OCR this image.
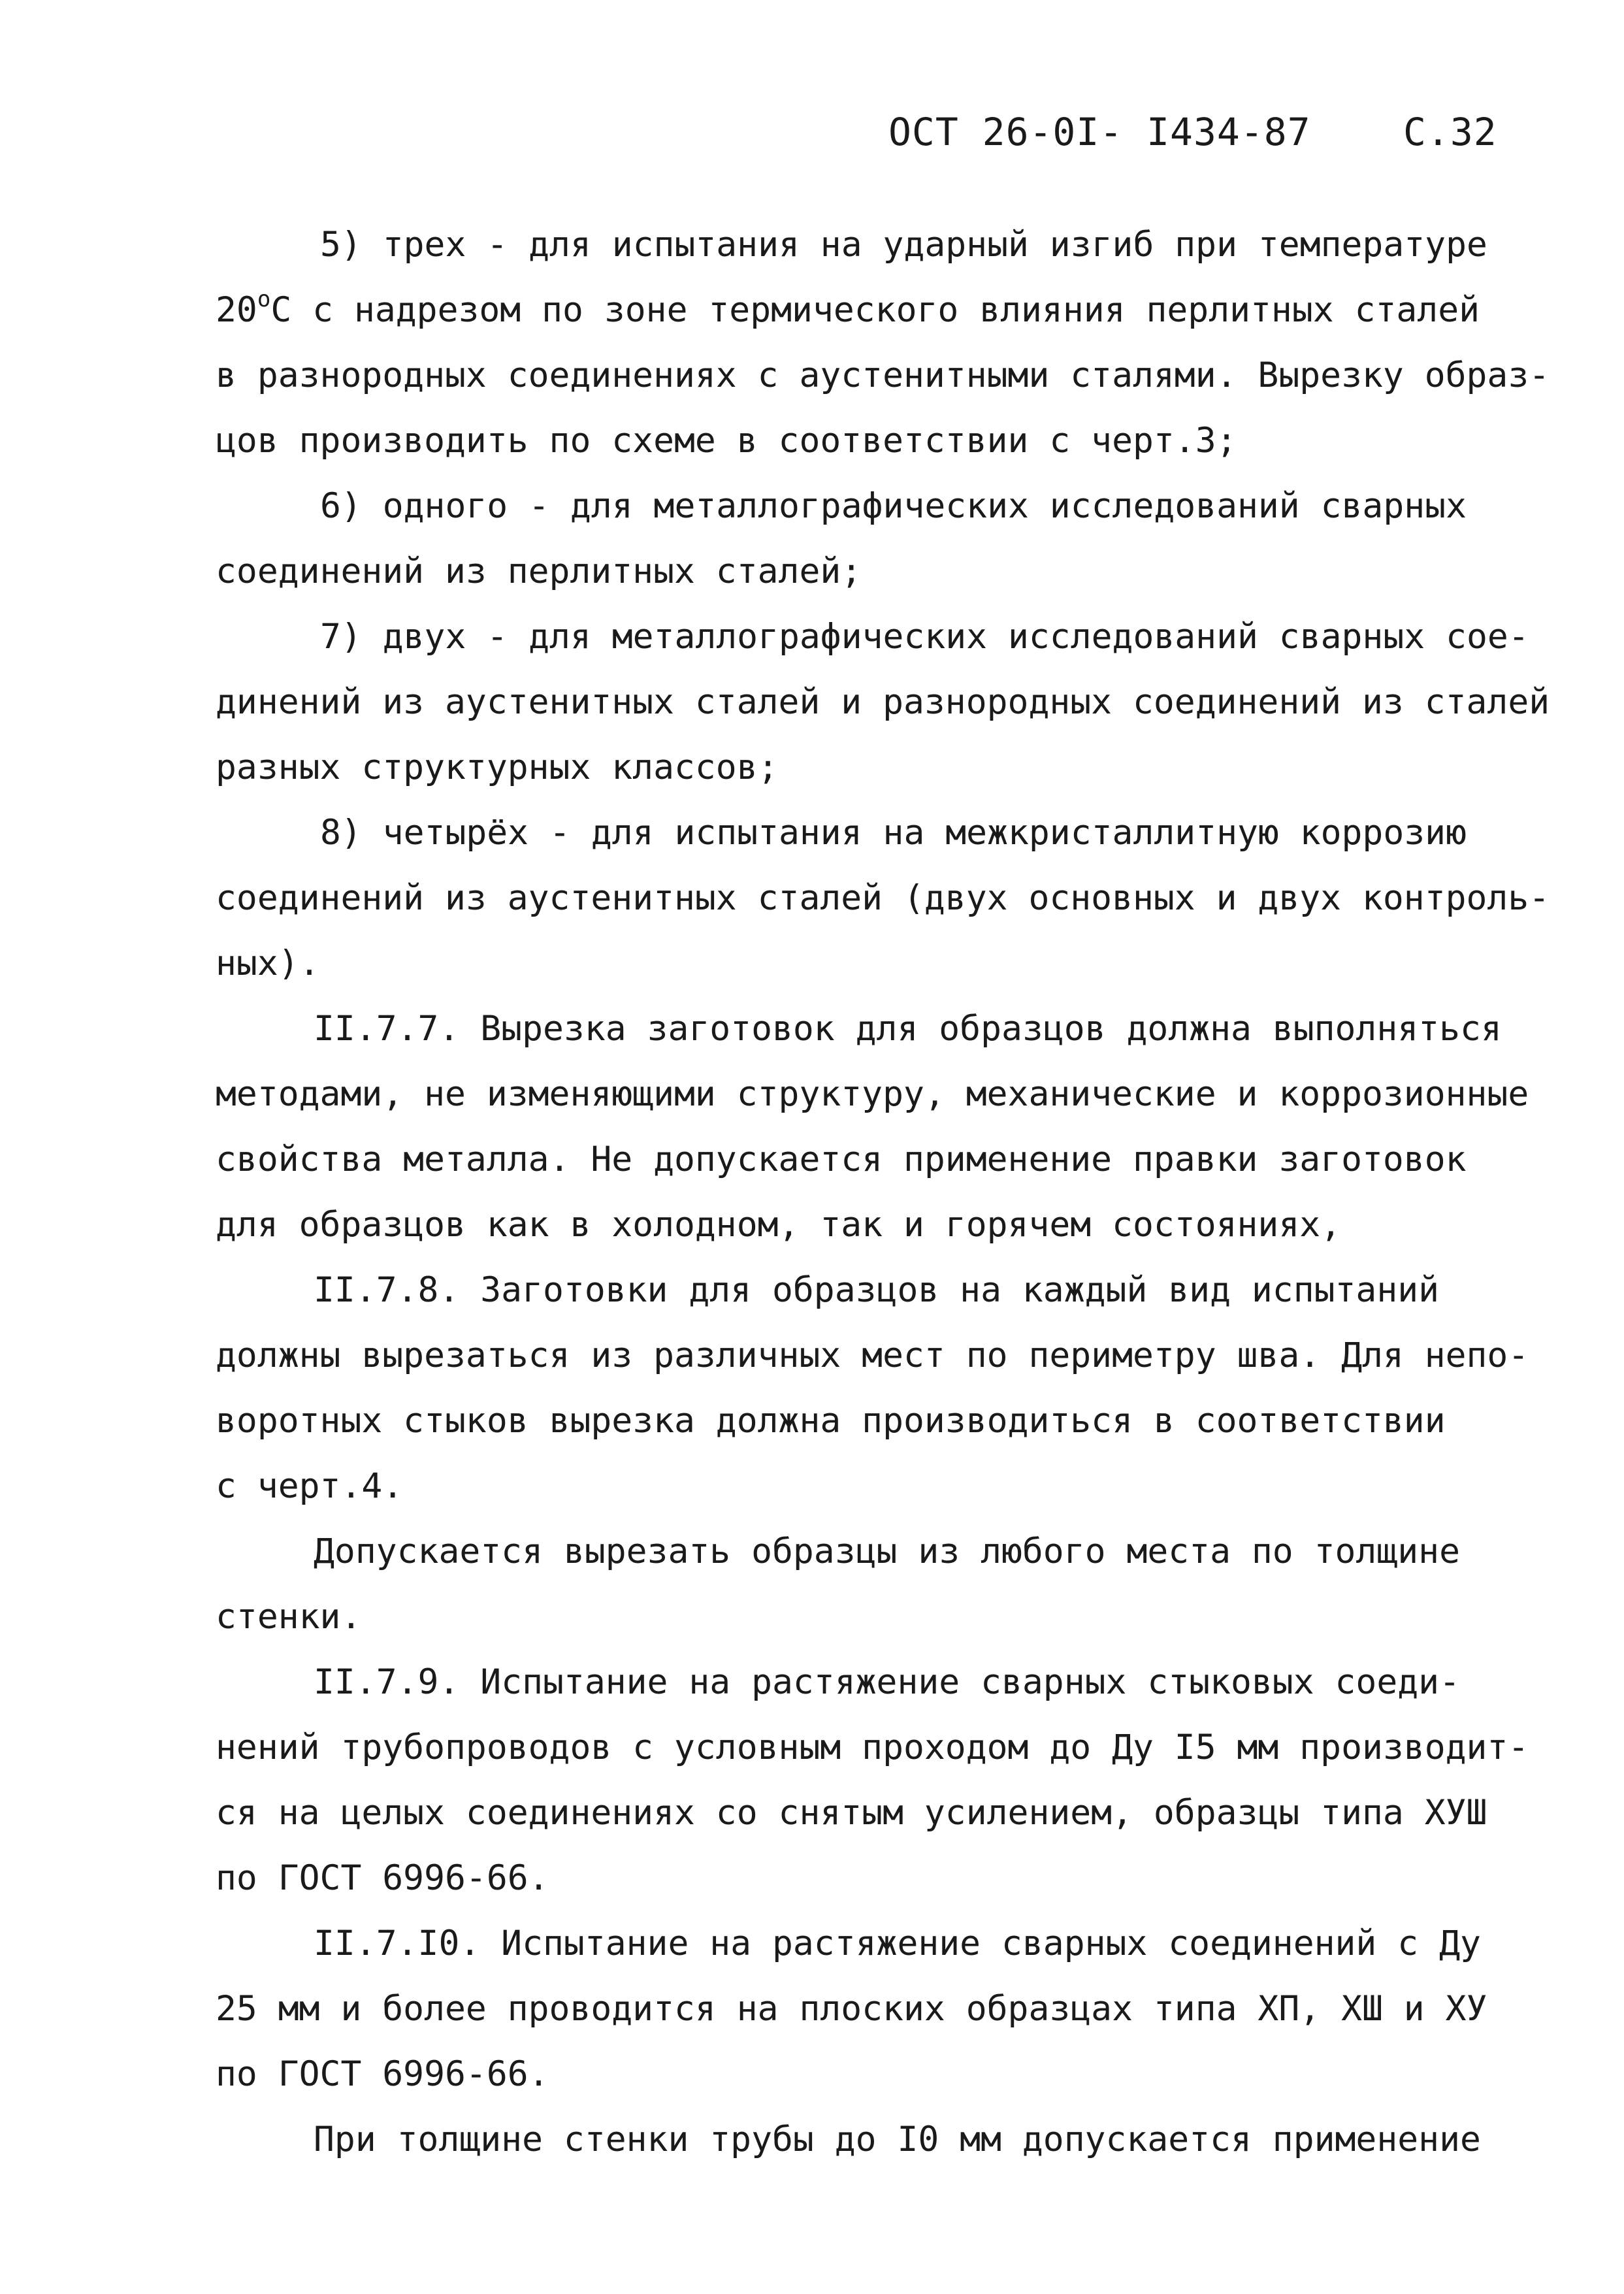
ОСТ 26-0I- I434-87 С.32
5) трех - для испытания на ударный изгиб при температуре
$20^оС$ с надрезом по зоне термического влияния перлитных сталей
в разнородных соединениях с аустенитными сталями. Вырезку образ-
цов производить по схеме в соответствии с черт.3;
6) одного - для металлографических исследований сварных
соединений из перлитных сталей;
7) двух - для металлографических исследований сварных сое-
динений из аустенитных сталей и разнородных соединений из сталей
разных структурных классов;
8) четырёх - для испытания на межкристаллитную коррозию
соединений из аустенитных сталей (двух основных и двух контроль-
ных).
II.7.7. Вырезка заготовок для образцов должна выполняться
методами, не изменяющими структуру, механические и коррозионные
свойства металла. Не допускается применение правки заготовок
для образцов как в холодном, так и горячем состояниях,
II.7.8. Заготовки для образцов на каждый вид испытаний
должны вырезаться из различных мест по периметру шва. Для непо-
воротных стыков вырезка должна производиться в соответствии
с черт.4.
Допускается вырезать образцы из любого места по толщине
стенки.
II.7.9. Испытание на растяжение сварных стыковых соеди-
нений трубопроводов с условным проходом до Ду I5 мм производит-
ся на целых соединениях со снятым усилением, образцы типа ХУШ
по ГОСТ 6996-66.
II.7.I0. Испытание на растяжение сварных соединений с Ду
25 мм и более проводится на плоских образцах типа ХП, ХШ и ХУ
по ГОСТ 6996-66.
При толщине стенки трубы до I0 мм допускается применение
